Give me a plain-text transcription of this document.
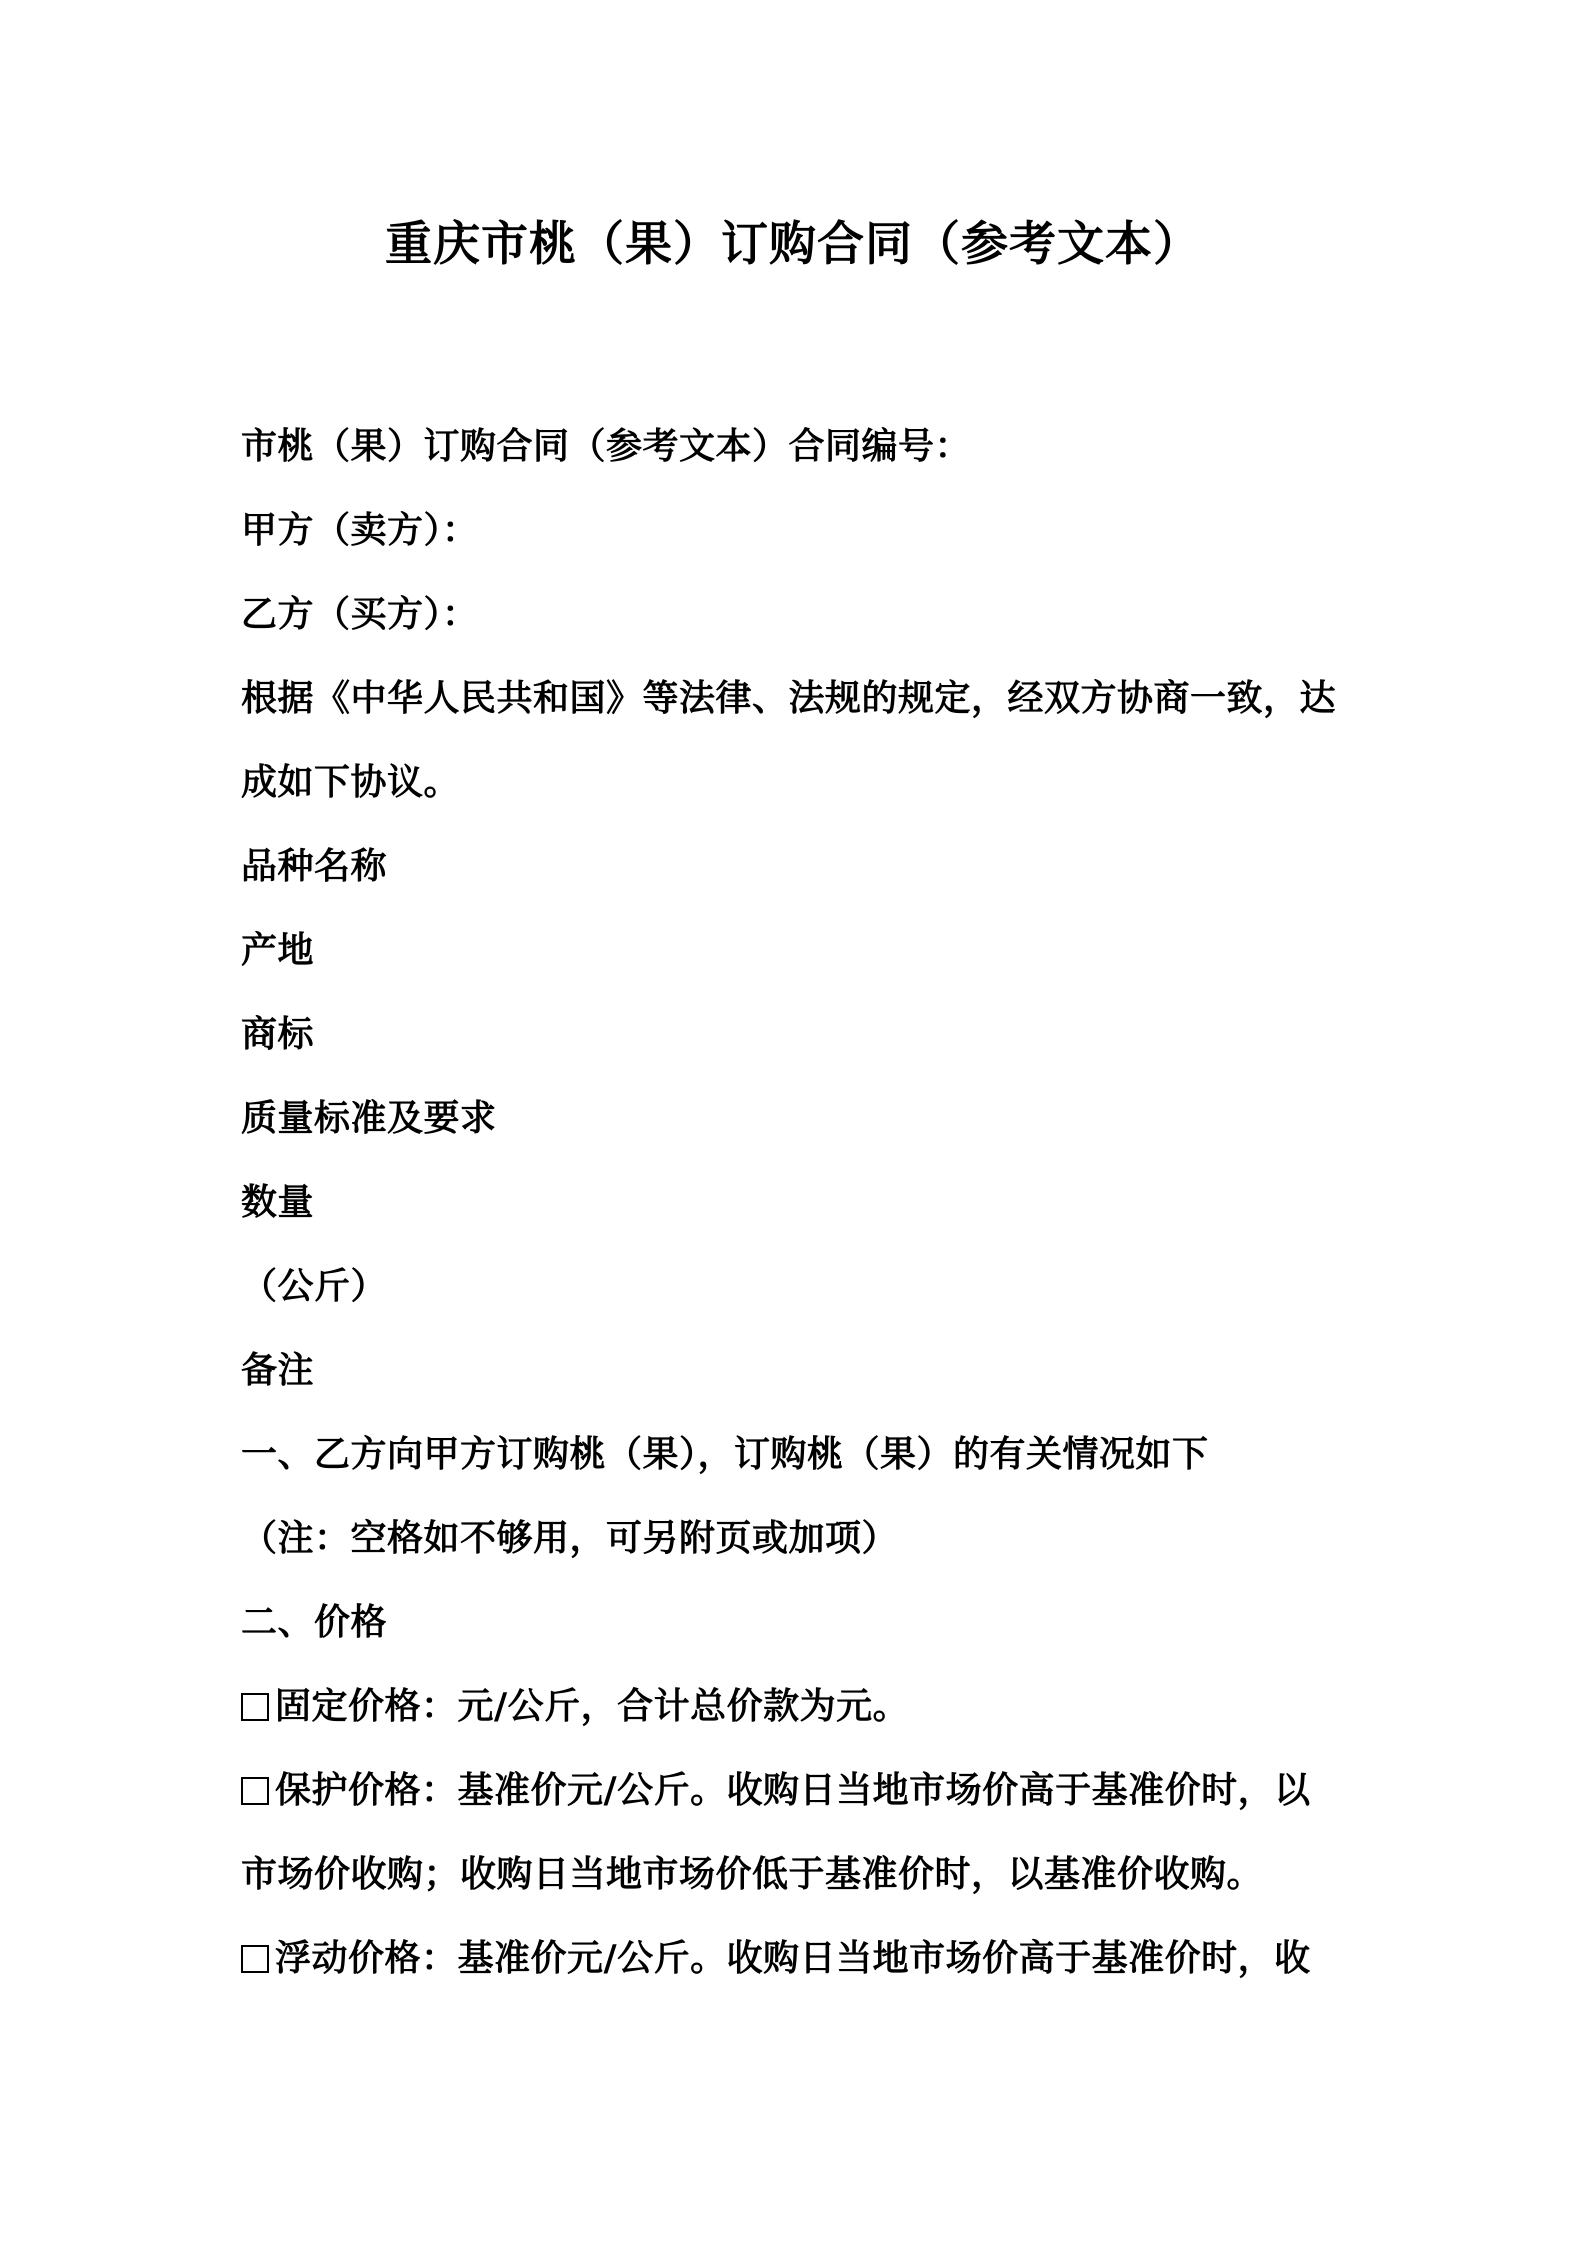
重庆市桃（果）订购合同（参考文本）

市桃（果）订购合同（参考文本）合同编号：

甲方（卖方）：

乙方（买方）：

根据《中华人民共和国》等法律、法规的规定，经双方协商一致，达

成如下协议。

品种名称

产地

商标

质量标准及要求

数量

（公斤）

备注

一、乙方向甲方订购桃（果），订购桃（果）的有关情况如下

（注：空格如不够用，可另附页或加项）

二、价格

固定价格：元/公斤，合计总价款为元。

保护价格：基准价元/公斤。收购日当地市场价高于基准价时，以

市场价收购；收购日当地市场价低于基准价时，以基准价收购。

浮动价格：基准价元/公斤。收购日当地市场价高于基准价时，收
